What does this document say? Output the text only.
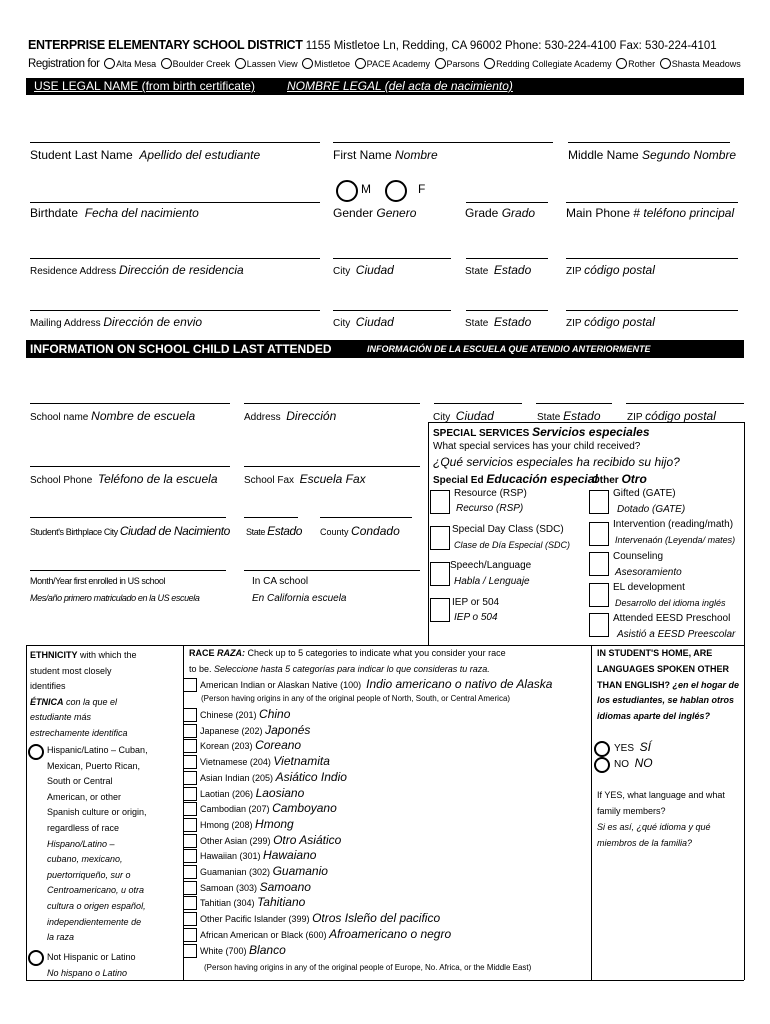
ENTERPRISE ELEMENTARY SCHOOL DISTRICT 1155 Mistletoe Ln, Redding, CA 96002 Phone: 530-224-4100 Fax: 530-224-4101
Registration for Alta Mesa Boulder Creek Lassen View Mistletoe PACE Academy Parsons Redding Collegiate Academy Rother Shasta Meadows
USE LEGAL NAME (from birth certificate)	NOMBRE LEGAL (del acta de nacimiento)
Student Last Name Apellido del estudiante	First Name Nombre	Middle Name Segundo Nombre
M	F
Birthdate Fecha del nacimiento	Gender Genero	Grade Grado	Main Phone # teléfono principal
Residence Address Dirección de residencia	City Ciudad	State Estado	ZIP código postal
Mailing Address Dirección de envio	City Ciudad	State Estado	ZIP código postal
INFORMATION ON SCHOOL CHILD LAST ATTENDED	INFORMACIÓN DE LA ESCUELA QUE ATENDIO ANTERIORMENTE
School name Nombre de escuela	Address Dirección	City Ciudad	State Estado	ZIP código postal
SPECIAL SERVICES Servicios especiales
What special services has your child received?
¿Qué servicios especiales ha recibido su hijo?
Special Ed Educación especial
Other Otro
Resource (RSP)
Recurso (RSP)
Special Day Class (SDC)
Clase de Día Especial (SDC)
Speech/Language
Habla / Lenguaje
IEP or 504
IEP o 504
Gifted (GATE)
Dotado (GATE)
Intervention (reading/math)
Intervenaón (Leyenda/ mates)
Counseling
Asesoramiento
EL development
Desarrollo del idioma inglés
Attended EESD Preschool
Asistió a EESD Preescolar
School Phone Teléfono de la escuela	School Fax Escuela Fax
Student's Birthplace City Ciudad de Nacimiento State Estado County Condado
Month/Year first enrolled in US school
Mes/año primero matriculado en la US escuela
In CA school
En California escuela
ETHNICITY with which the
student most closely
identifies
ÉTNICA con la que el
estudiante más
estrechamente identifica
Hispanic/Latino – Cuban,
Mexican, Puerto Rican,
South or Central
American, or other
Spanish culture or origin,
regardless of race
Hispano/Latino –
cubano, mexicano,
puertorriqueño, sur o
Centroamericano, u otra
cultura o origen español,
independientemente de
la raza
Not Hispanic or Latino
No hispano o Latino
RACE RAZA: Check up to 5 categories to indicate what you consider your race
to be. Seleccione hasta 5 categorías para indicar lo que consideras tu raza.
American Indian or Alaskan Native (100) Indio americano o nativo de Alaska
(Person having origins in any of the original people of North, South, or Central America)
Chinese (201) Chino
Japanese (202) Japonés
Korean (203) Coreano
Vietnamese (204) Vietnamita
Asian Indian (205) Asiático Indio
Laotian (206) Laosiano
Cambodian (207) Camboyano
Hmong (208) Hmong
Other Asian (299) Otro Asiático
Hawaiian (301) Hawaiano
Guamanian (302) Guamanio
Samoan (303) Samoano
Tahitian (304) Tahitiano
Other Pacific Islander (399) Otros Isleño del pacifico
African American or Black (600) Afroamericano o negro
White (700) Blanco
(Person having origins in any of the original people of Europe, No. Africa, or the Middle East)
IN STUDENT'S HOME, ARE
LANGUAGES SPOKEN OTHER
THAN ENGLISH? ¿en el hogar de
los estudiantes, se hablan otros
idiomas aparte del inglés?
YES SÍ
NO NO
If YES, what language and what
family members?
Si es así, ¿qué idioma y qué
miembros de la familia?
